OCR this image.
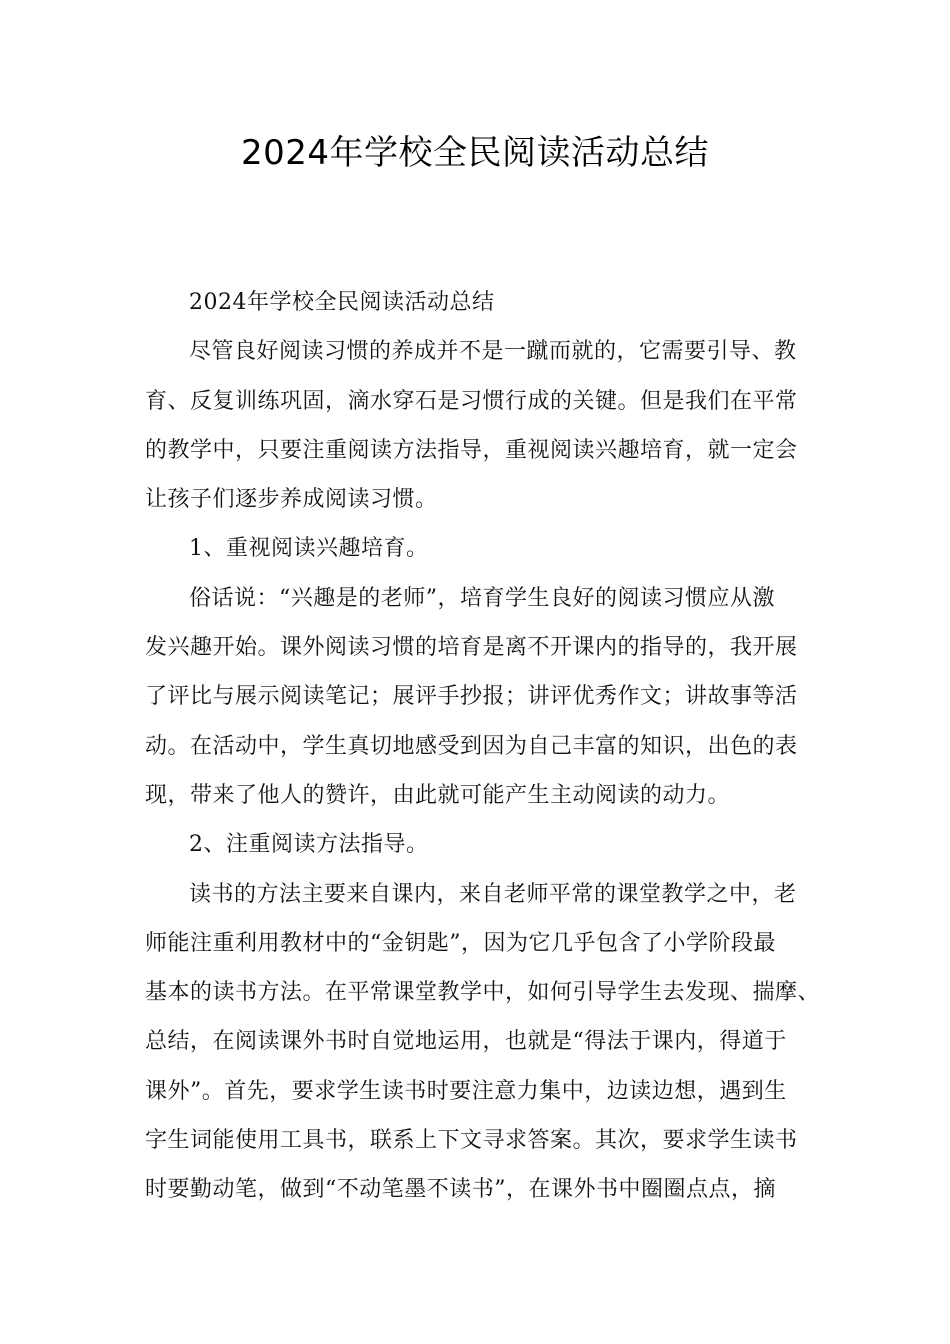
2024年学校全民阅读活动总结
2024年学校全民阅读活动总结
尽管良好阅读习惯的养成并不是一蹴而就的，它需要引导、教
育、反复训练巩固，滴水穿石是习惯行成的关键。但是我们在平常
的教学中，只要注重阅读方法指导，重视阅读兴趣培育，就一定会
让孩子们逐步养成阅读习惯。
1、重视阅读兴趣培育。
俗话说：“兴趣是的老师”，培育学生良好的阅读习惯应从激
发兴趣开始。课外阅读习惯的培育是离不开课内的指导的，我开展
了评比与展示阅读笔记；展评手抄报；讲评优秀作文；讲故事等活
动。在活动中，学生真切地感受到因为自己丰富的知识，出色的表
现，带来了他人的赞许，由此就可能产生主动阅读的动力。
2、注重阅读方法指导。
读书的方法主要来自课内，来自老师平常的课堂教学之中，老
师能注重利用教材中的“金钥匙”，因为它几乎包含了小学阶段最
基本的读书方法。在平常课堂教学中，如何引导学生去发现、揣摩、
总结，在阅读课外书时自觉地运用，也就是“得法于课内，得道于
课外”。首先，要求学生读书时要注意力集中，边读边想，遇到生
字生词能使用工具书，联系上下文寻求答案。其次，要求学生读书
时要勤动笔，做到“不动笔墨不读书”，在课外书中圈圈点点，摘
